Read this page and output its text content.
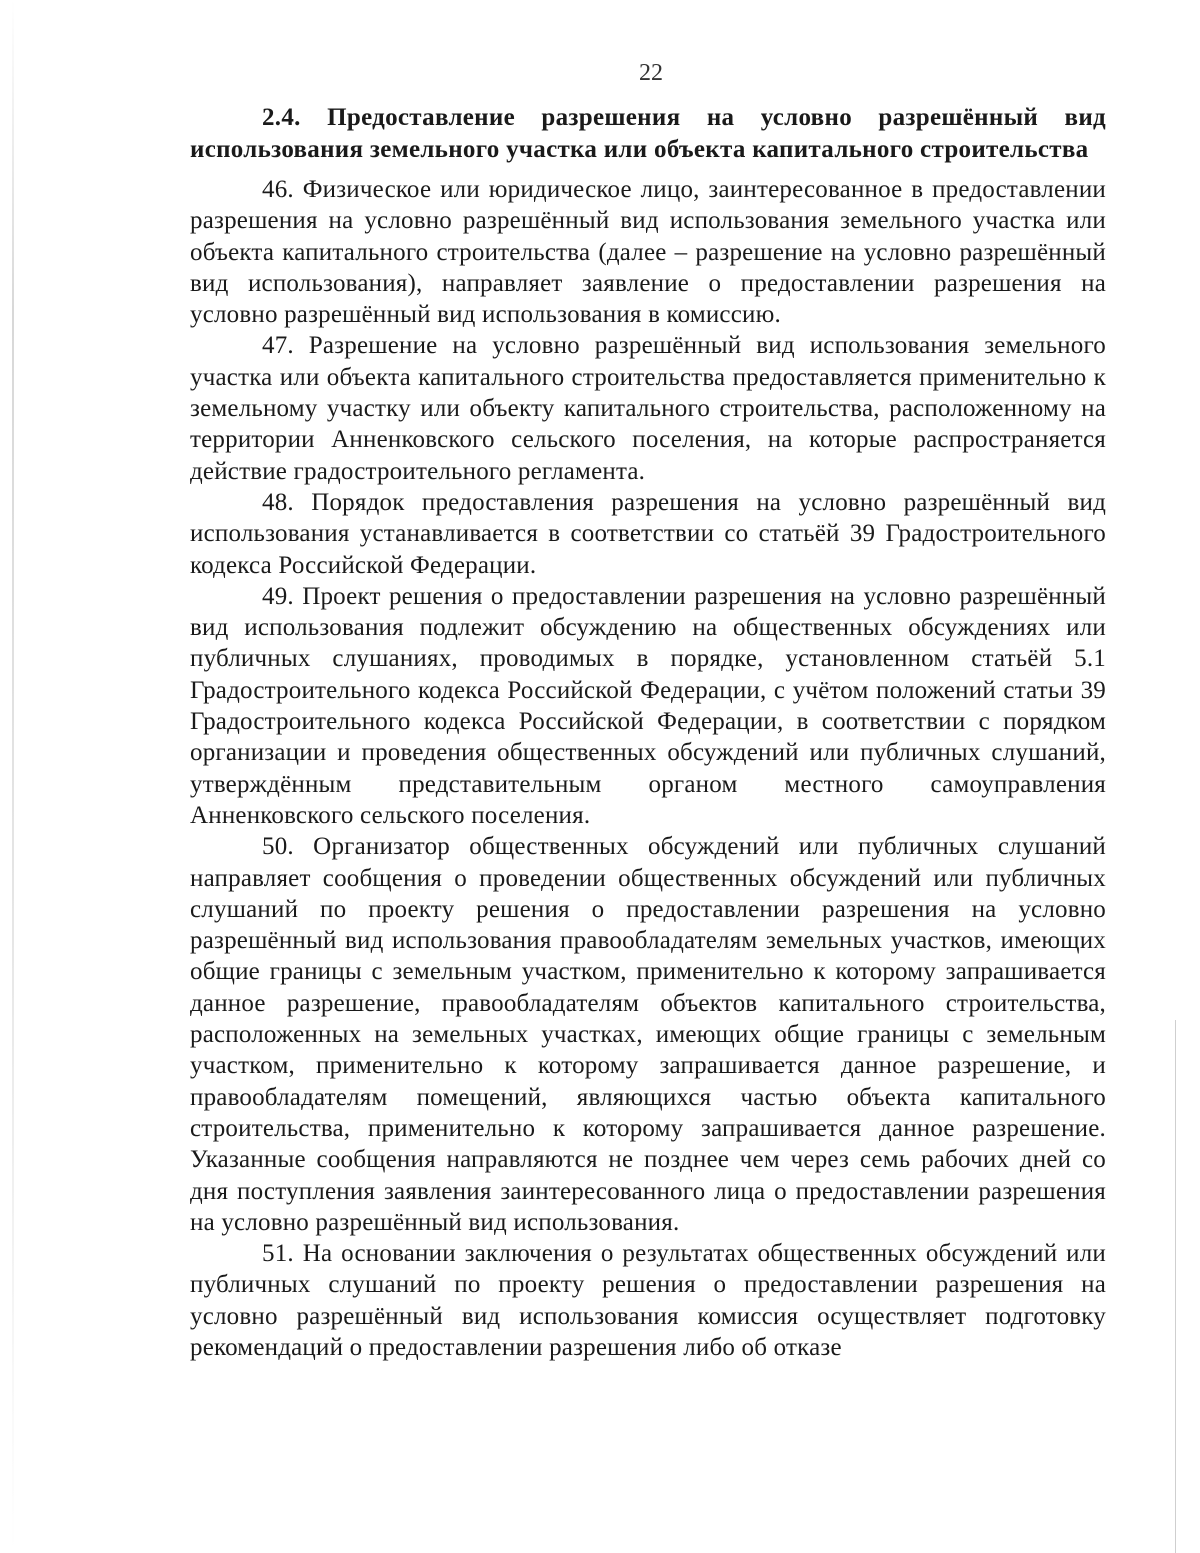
22

2.4. Предоставление разрешения на условно разрешённый вид использования земельного участка или объекта капитального строительства

46. Физическое или юридическое лицо, заинтересованное в предоставлении разрешения на условно разрешённый вид использования земельного участка или объекта капитального строительства (далее – разрешение на условно разрешённый вид использования), направляет заявление о предоставлении разрешения на условно разрешённый вид использования в комиссию.

47. Разрешение на условно разрешённый вид использования земельного участка или объекта капитального строительства предоставляется применительно к земельному участку или объекту капитального строительства, расположенному на территории Анненковского сельского поселения, на которые распространяется действие градостроительного регламента.

48. Порядок предоставления разрешения на условно разрешённый вид использования устанавливается в соответствии со статьёй 39 Градостроительного кодекса Российской Федерации.

49. Проект решения о предоставлении разрешения на условно разрешённый вид использования подлежит обсуждению на общественных обсуждениях или публичных слушаниях, проводимых в порядке, установленном статьёй 5.1 Градостроительного кодекса Российской Федерации, с учётом положений статьи 39 Градостроительного кодекса Российской Федерации, в соответствии с порядком организации и проведения общественных обсуждений или публичных слушаний, утверждённым представительным органом местного самоуправления Анненковского сельского поселения.

50. Организатор общественных обсуждений или публичных слушаний направляет сообщения о проведении общественных обсуждений или публичных слушаний по проекту решения о предоставлении разрешения на условно разрешённый вид использования правообладателям земельных участков, имеющих общие границы с земельным участком, применительно к которому запрашивается данное разрешение, правообладателям объектов капитального строительства, расположенных на земельных участках, имеющих общие границы с земельным участком, применительно к которому запрашивается данное разрешение, и правообладателям помещений, являющихся частью объекта капитального строительства, применительно к которому запрашивается данное разрешение. Указанные сообщения направляются не позднее чем через семь рабочих дней со дня поступления заявления заинтересованного лица о предоставлении разрешения на условно разрешённый вид использования.

51. На основании заключения о результатах общественных обсуждений или публичных слушаний по проекту решения о предоставлении разрешения на условно разрешённый вид использования комиссия осуществляет подготовку рекомендаций о предоставлении разрешения либо об отказе
